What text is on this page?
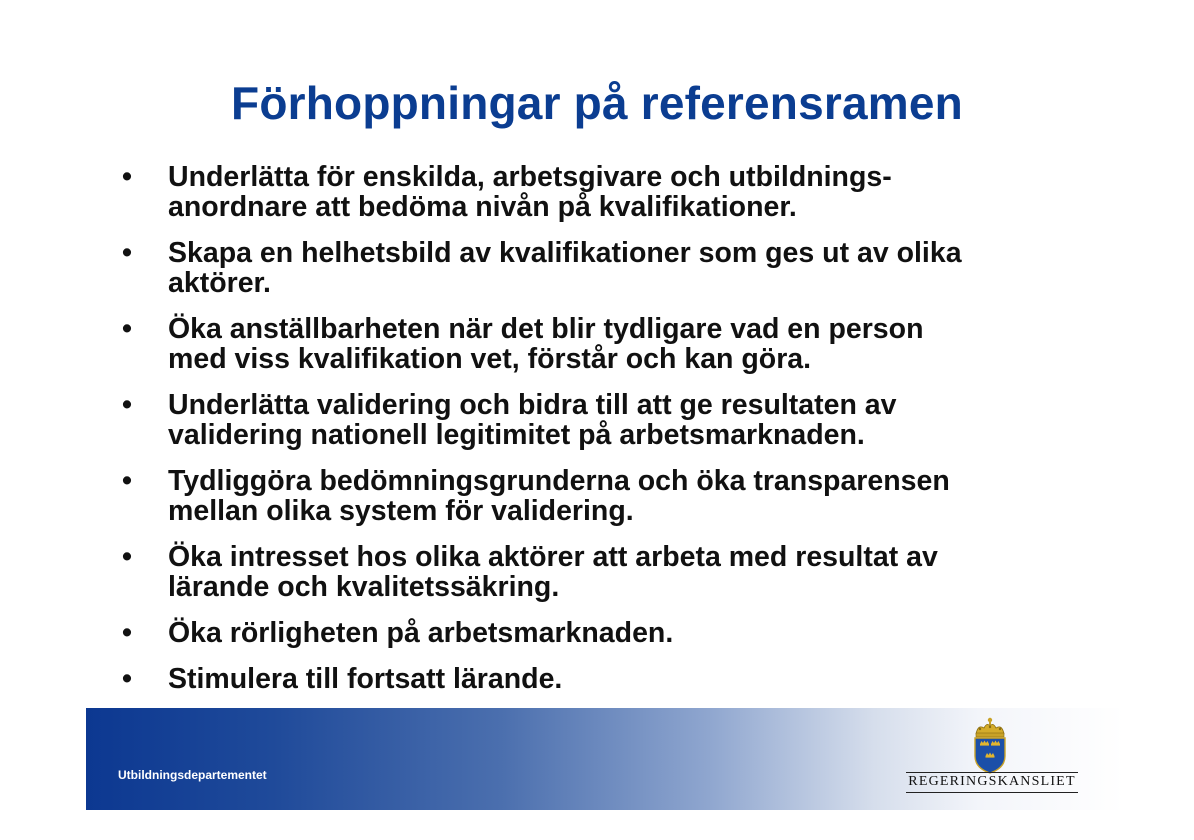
Förhoppningar på referensramen
•	Underlätta för enskilda, arbetsgivare och utbildnings-
anordnare att bedöma nivån på kvalifikationer.
•	Skapa en helhetsbild av kvalifikationer som ges ut av olika
aktörer.
•	Öka anställbarheten när det blir tydligare vad en person
med viss kvalifikation vet, förstår och kan göra.
•	Underlätta validering och bidra till att ge resultaten av
validering nationell legitimitet på arbetsmarknaden.
•	Tydliggöra bedömningsgrunderna och öka transparensen
mellan olika system för validering.
•	Öka intresset hos olika aktörer att arbeta med resultat av
lärande och kvalitetssäkring.
•	Öka rörligheten på arbetsmarknaden.
•	Stimulera till fortsatt lärande.
Utbildningsdepartementet	REGERINGSKANSLIET
